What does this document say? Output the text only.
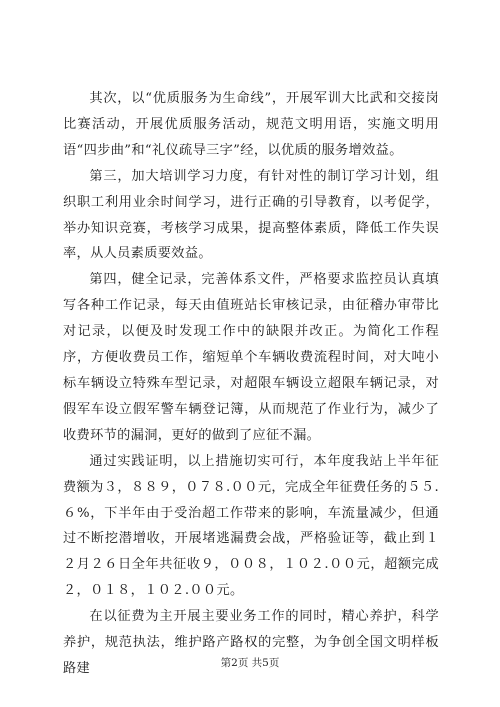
其次，以“优质服务为生命线”，开展军训大比武和交接岗比赛活动，开展优质服务活动，规范文明用语，实施文明用语“四步曲”和“礼仪疏导三字”经，以优质的服务增效益。

第三，加大培训学习力度，有针对性的制订学习计划，组织职工利用业余时间学习，进行正确的引导教育，以考促学，举办知识竞赛，考核学习成果，提高整体素质，降低工作失误率，从人员素质要效益。

第四，健全记录，完善体系文件，严格要求监控员认真填写各种工作记录，每天由值班站长审核记录，由征稽办审带比对记录，以便及时发现工作中的缺限并改正。为简化工作程序，方便收费员工作，缩短单个车辆收费流程时间，对大吨小标车辆设立特殊车型记录，对超限车辆设立超限车辆记录，对假军车设立假军警车辆登记簿，从而规范了作业行为，减少了收费环节的漏洞，更好的做到了应征不漏。

通过实践证明，以上措施切实可行，本年度我站上半年征费额为３，８８９，０７８.００元，完成全年征费任务的５５.６%，下半年由于受治超工作带来的影响，车流量减少，但通过不断挖潜增收，开展堵逃漏费会战，严格验证等，截止到１２月２６日全年共征收９，００８，１０２.００元，超额完成２，０１８，１０２.００元。

在以征费为主开展主要业务工作的同时，精心养护，科学养护，规范执法，维护路产路权的完整，为争创全国文明样板路建	第2页 共5页
